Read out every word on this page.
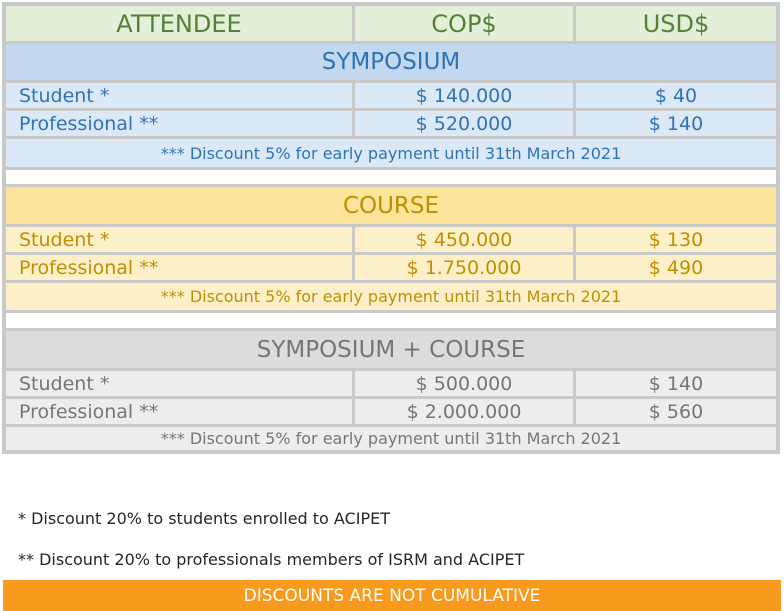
ATTENDEE	COP$	USD$
SYMPOSIUM
Student *	$ 140.000	$ 40
Professional **	$ 520.000	$ 140
*** Discount 5% for early payment until 31th March 2021
COURSE
Student *	$ 450.000	$ 130
Professional **	$ 1.750.000	$ 490
*** Discount 5% for early payment until 31th March 2021
SYMPOSIUM + COURSE
Student *	$ 500.000	$ 140
Professional **	$ 2.000.000	$ 560
*** Discount 5% for early payment until 31th March 2021
* Discount 20% to students enrolled to ACIPET
** Discount 20% to professionals members of ISRM and ACIPET
DISCOUNTS ARE NOT CUMULATIVE
